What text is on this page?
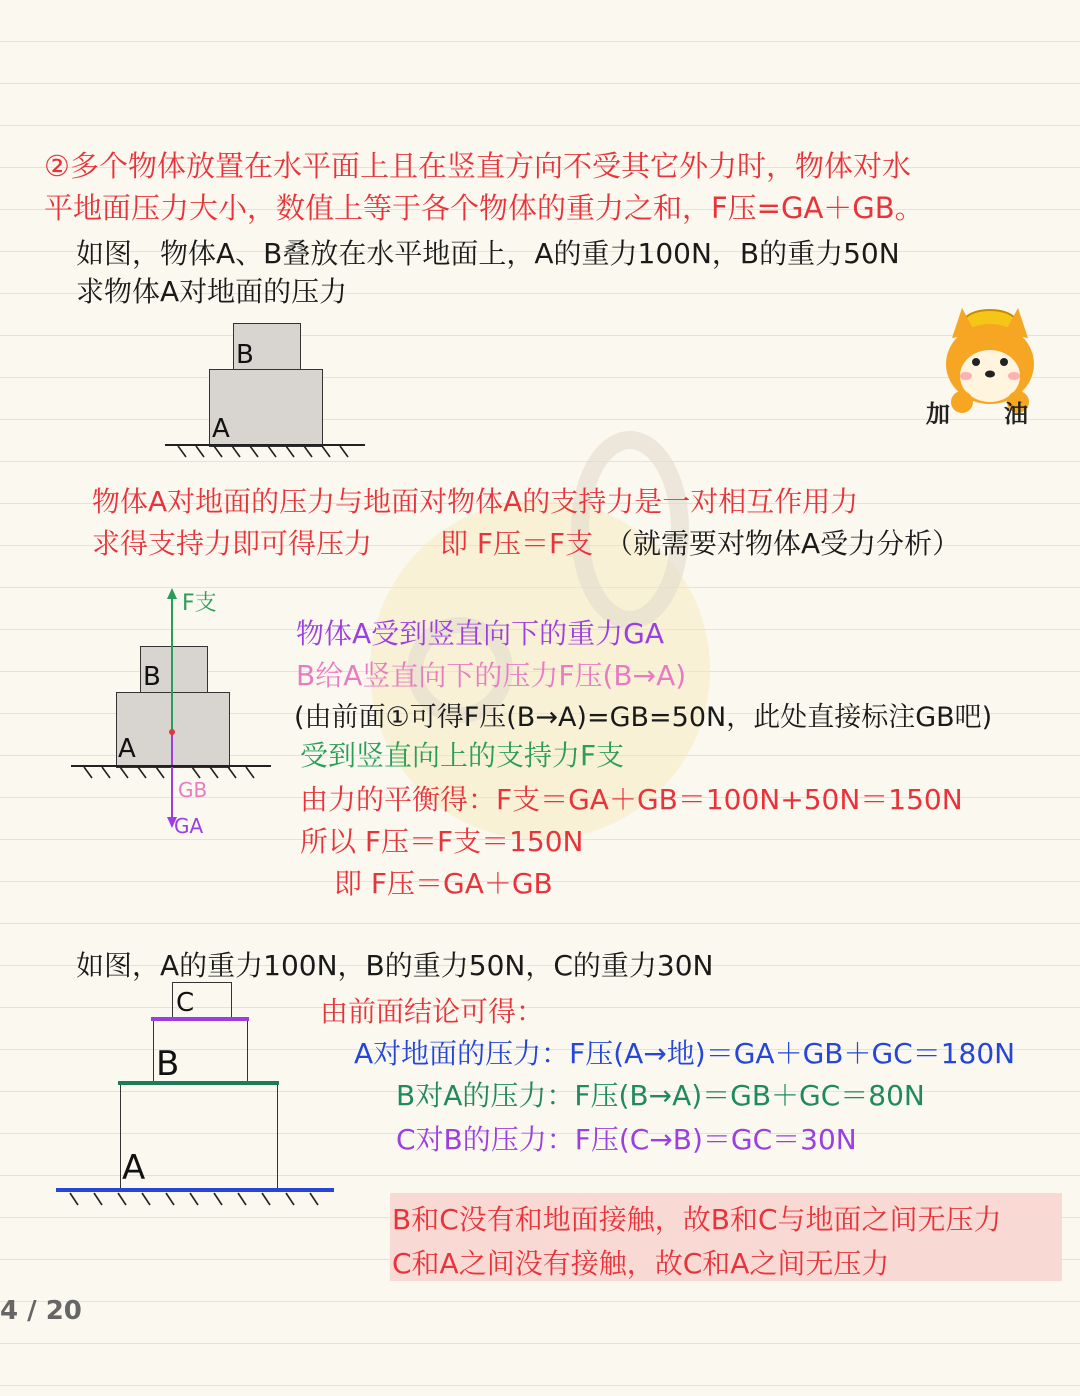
②多个物体放置在水平面上且在竖直方向不受其它外力时，物体对水
平地面压力大小，数值上等于各个物体的重力之和，F压=GA＋GB。
如图，物体A、B叠放在水平地面上，A的重力100N，B的重力50N
求物体A对地面的压力
B
A	加 油
物体A对地面的压力与地面对物体A的支持力是一对相互作用力
求得支持力即可得压力 即 F压＝F支 （就需要对物体A受力分析）
B
A
F支
GB
GA
物体A受到竖直向下的重力GA
B给A竖直向下的压力F压(B→A)
(由前面①可得F压(B→A)=GB=50N，此处直接标注GB吧)
受到竖直向上的支持力F支
由力的平衡得：F支＝GA＋GB＝100N+50N＝150N
所以 F压＝F支＝150N
即 F压＝GA＋GB
如图，A的重力100N，B的重力50N，C的重力30N
C
B
A
由前面结论可得：
A对地面的压力：F压(A→地)＝GA＋GB＋GC＝180N
B对A的压力：F压(B→A)＝GB＋GC＝80N
C对B的压力：F压(C→B)＝GC＝30N
B和C没有和地面接触，故B和C与地面之间无压力
C和A之间没有接触，故C和A之间无压力
4 / 20
